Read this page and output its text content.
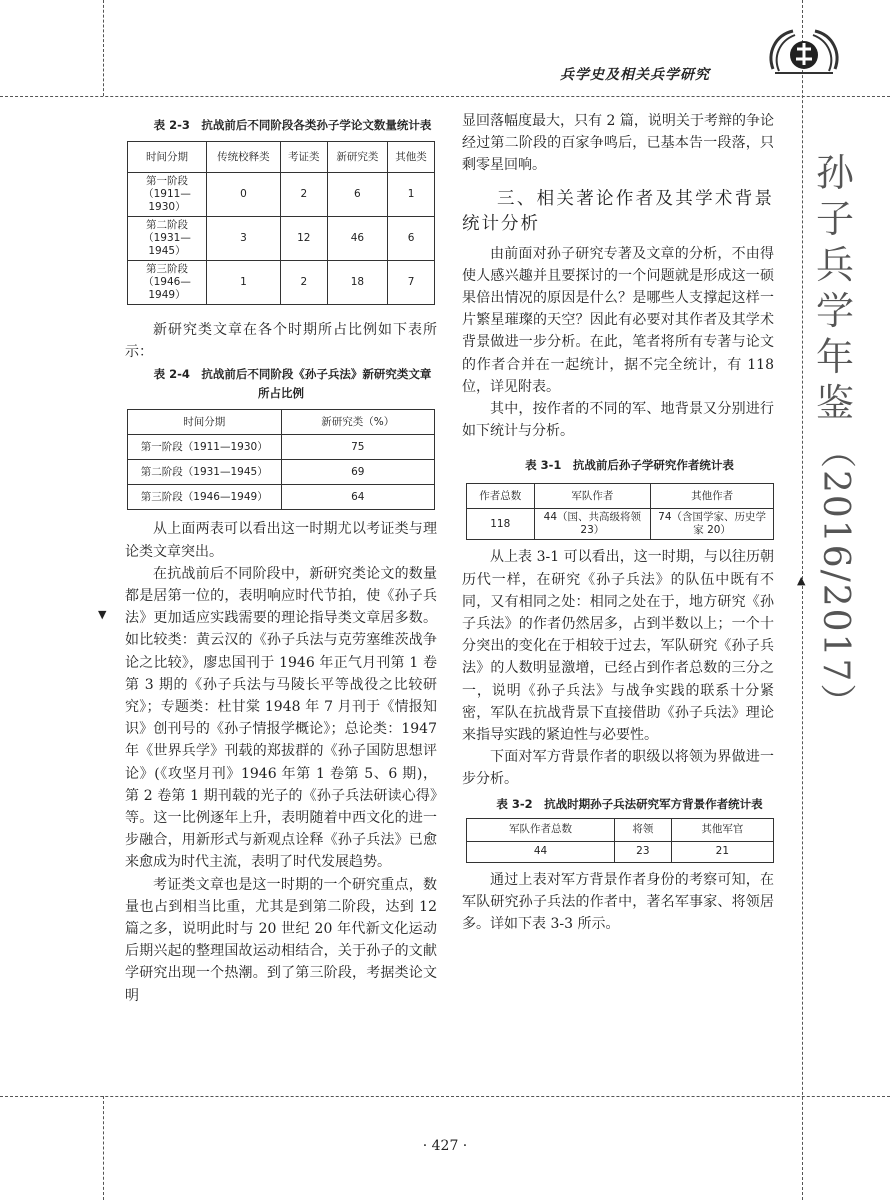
▼
▲
兵学史及相关兵学研究
孙
子
兵
学
年
鉴
（2016/2017）

表 2-3　抗战前后不同阶段各类孙子学论文数量统计表

时间分期	传统校释类	考证类	新研究类	其他类
第一阶段（1911—1930）	0	2	6	1
第二阶段（1931—1945）	3	12	46	6
第三阶段（1946—1949）	1	2	18	7

新研究类文章在各个时期所占比例如下表所示：

表 2-4　抗战前后不同阶段《孙子兵法》新研究类文章所占比例

时间分期	新研究类（%）
第一阶段（1911—1930）	75
第二阶段（1931—1945）	69
第三阶段（1946—1949）	64

从上面两表可以看出这一时期尤以考证类与理论类文章突出。

在抗战前后不同阶段中，新研究类论文的数量都是居第一位的，表明响应时代节拍，使《孙子兵法》更加适应实践需要的理论指导类文章居多数。如比较类：黄云汉的《孙子兵法与克劳塞维茨战争论之比较》，廖忠国刊于 1946 年正气月刊第 1 卷第 3 期的《孙子兵法与马陵长平等战役之比较研究》；专题类：杜甘棠 1948 年 7 月刊于《情报知识》创刊号的《孙子情报学概论》；总论类：1947 年《世界兵学》刊载的郑拔群的《孙子国防思想评论》(《攻坚月刊》1946 年第 1 卷第 5、6 期)，第 2 卷第 1 期刊载的光子的《孙子兵法研读心得》等。这一比例逐年上升，表明随着中西文化的进一步融合，用新形式与新观点诠释《孙子兵法》已愈来愈成为时代主流，表明了时代发展趋势。

考证类文章也是这一时期的一个研究重点，数量也占到相当比重，尤其是到第二阶段，达到 12 篇之多，说明此时与 20 世纪 20 年代新文化运动后期兴起的整理国故运动相结合，关于孙子的文献学研究出现一个热潮。到了第三阶段，考据类论文明

显回落幅度最大，只有 2 篇，说明关于考辩的争论经过第二阶段的百家争鸣后，已基本告一段落，只剩零星回响。

三、相关著论作者及其学术背景统计分析

由前面对孙子研究专著及文章的分析，不由得使人感兴趣并且要探讨的一个问题就是形成这一硕果倍出情况的原因是什么？是哪些人支撑起这样一片繁星璀璨的天空？因此有必要对其作者及其学术背景做进一步分析。在此，笔者将所有专著与论文的作者合并在一起统计，据不完全统计，有 118 位，详见附表。

其中，按作者的不同的军、地背景又分别进行如下统计与分析。

表 3-1　抗战前后孙子学研究作者统计表

作者总数	军队作者	其他作者
118	44（国、共高级将领 23）	74（含国学家、历史学家 20）

从上表 3-1 可以看出，这一时期，与以往历朝历代一样，在研究《孙子兵法》的队伍中既有不同，又有相同之处：相同之处在于，地方研究《孙子兵法》的作者仍然居多，占到半数以上；一个十分突出的变化在于相较于过去，军队研究《孙子兵法》的人数明显激增，已经占到作者总数的三分之一，说明《孙子兵法》与战争实践的联系十分紧密，军队在抗战背景下直接借助《孙子兵法》理论来指导实践的紧迫性与必要性。

下面对军方背景作者的职级以将领为界做进一步分析。

表 3-2　抗战时期孙子兵法研究军方背景作者统计表

军队作者总数	将领	其他军官
44	23	21

通过上表对军方背景作者身份的考察可知，在军队研究孙子兵法的作者中，著名军事家、将领居多。详如下表 3-3 所示。

· 427 ·
